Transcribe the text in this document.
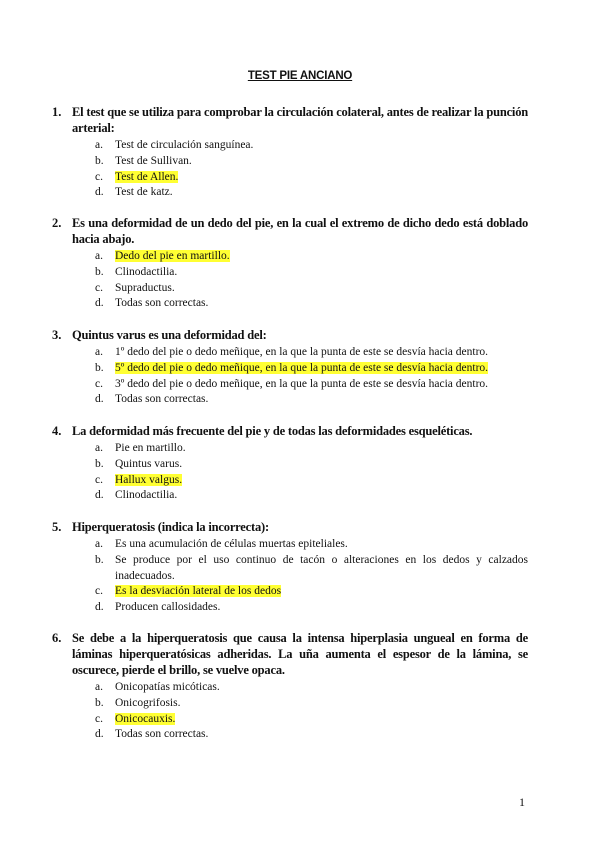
TEST PIE ANCIANO
1. El test que se utiliza para comprobar la circulación colateral, antes de realizar la punción arterial:
a.	Test de circulación sanguínea.
b. Test de Sullivan.
c.	Test de Allen.
d. Test de katz.
2. Es una deformidad de un dedo del pie, en la cual el extremo de dicho dedo está doblado hacia abajo.
a.	Dedo del pie en martillo.
b. Clinodactilia.
c.	Supraductus.
d. Todas son correctas.
3. Quintus varus es una deformidad del:
a.	1º dedo del pie o dedo meñique, en la que la punta de este se desvía hacia dentro.
b. 5º dedo del pie o dedo meñique, en la que la punta de este se desvía hacia dentro.
c.	3º dedo del pie o dedo meñique, en la que la punta de este se desvía hacia dentro.
d. Todas son correctas.
4. La deformidad más frecuente del pie y de todas las deformidades esqueléticas.
a.	Pie en martillo.
b. Quintus varus.
c.	Hallux valgus.
d. Clinodactilia.
5. Hiperqueratosis (indica la incorrecta):
a.	Es una acumulación de células muertas epiteliales.
b. Se produce por el uso continuo de tacón o alteraciones en los dedos y calzados inadecuados.
c.	Es la desviación lateral de los dedos
d. Producen callosidades.
6. Se debe a la hiperqueratosis que causa la intensa hiperplasia ungueal en forma de láminas hiperqueratósicas adheridas. La uña aumenta el espesor de la lámina, se oscurece, pierde el brillo, se vuelve opaca.
a.	Onicopatías micóticas.
b. Onicogrifosis.
c.	Onicocauxis.
d. Todas son correctas.
1
